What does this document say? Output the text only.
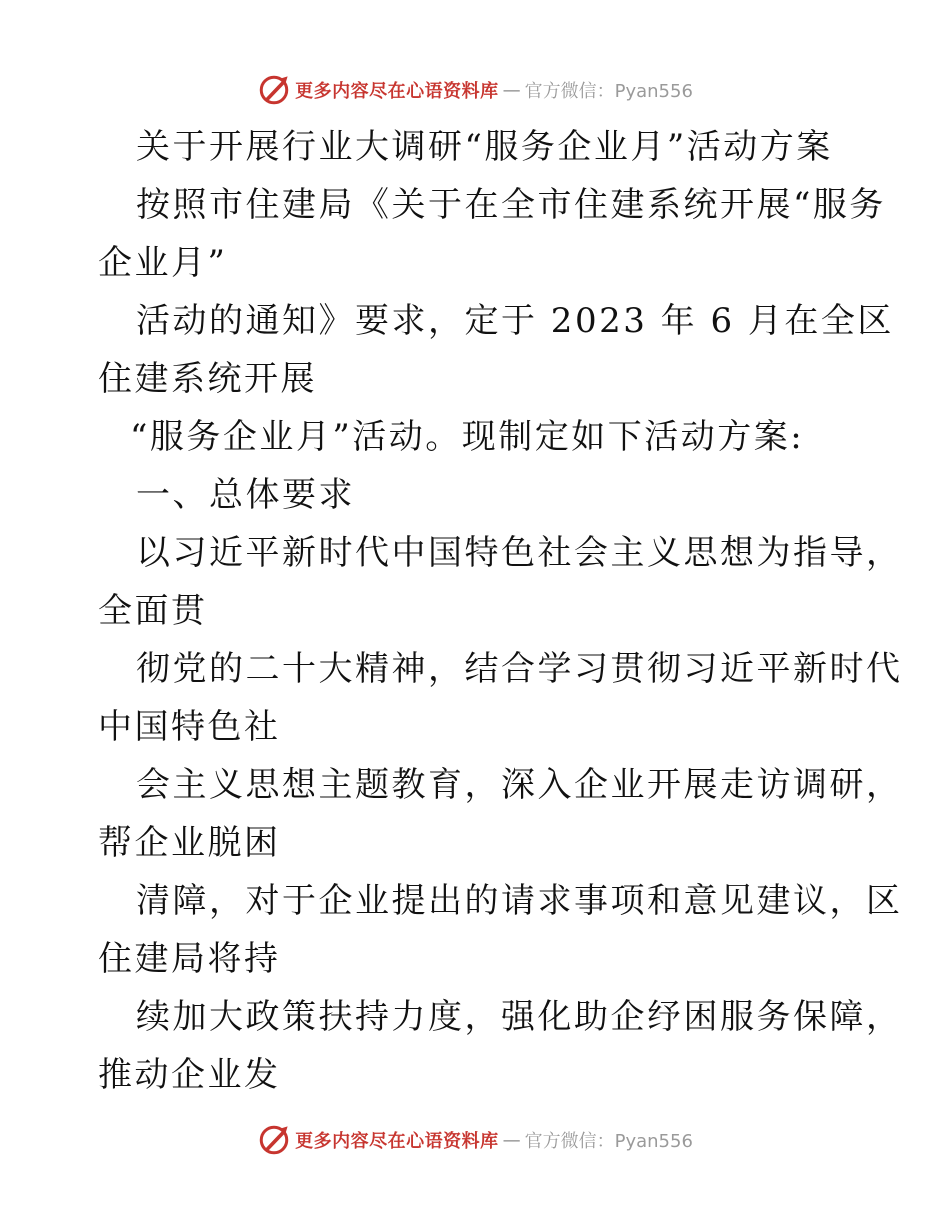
更多内容尽在心语资料库 — 官方微信：Pyan556
关于开展行业大调研“服务企业月”活动方案
按照市住建局《关于在全市住建系统开展“服务
企业月”
活动的通知》要求，定于 2023 年 6 月在全区
住建系统开展
“服务企业月”活动。现制定如下活动方案:
一、总体要求
以习近平新时代中国特色社会主义思想为指导，
全面贯
彻党的二十大精神，结合学习贯彻习近平新时代
中国特色社
会主义思想主题教育，深入企业开展走访调研，
帮企业脱困
清障，对于企业提出的请求事项和意见建议，区
住建局将持
续加大政策扶持力度，强化助企纾困服务保障，
推动企业发
更多内容尽在心语资料库 — 官方微信：Pyan556
